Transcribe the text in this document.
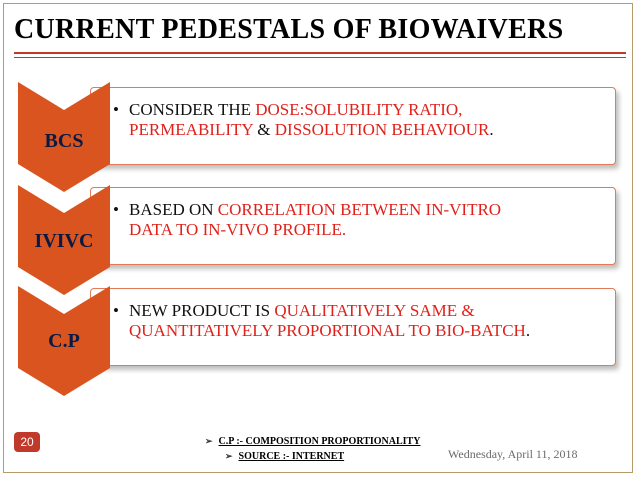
CURRENT PEDESTALS OF BIOWAIVERS
• CONSIDER THE DOSE:SOLUBILITY RATIO,
PERMEABILITY & DISSOLUTION BEHAVIOUR.
BCS
• BASED ON CORRELATION BETWEEN IN-VITRO
DATA TO IN-VIVO PROFILE.
IVIVC
• NEW PRODUCT IS QUALITATIVELY SAME &
QUANTITATIVELY PROPORTIONAL TO BIO-BATCH.
C.P
20	➢ C.P :- COMPOSITION PROPORTIONALITY
➢ SOURCE :- INTERNET	Wednesday, April 11, 2018
